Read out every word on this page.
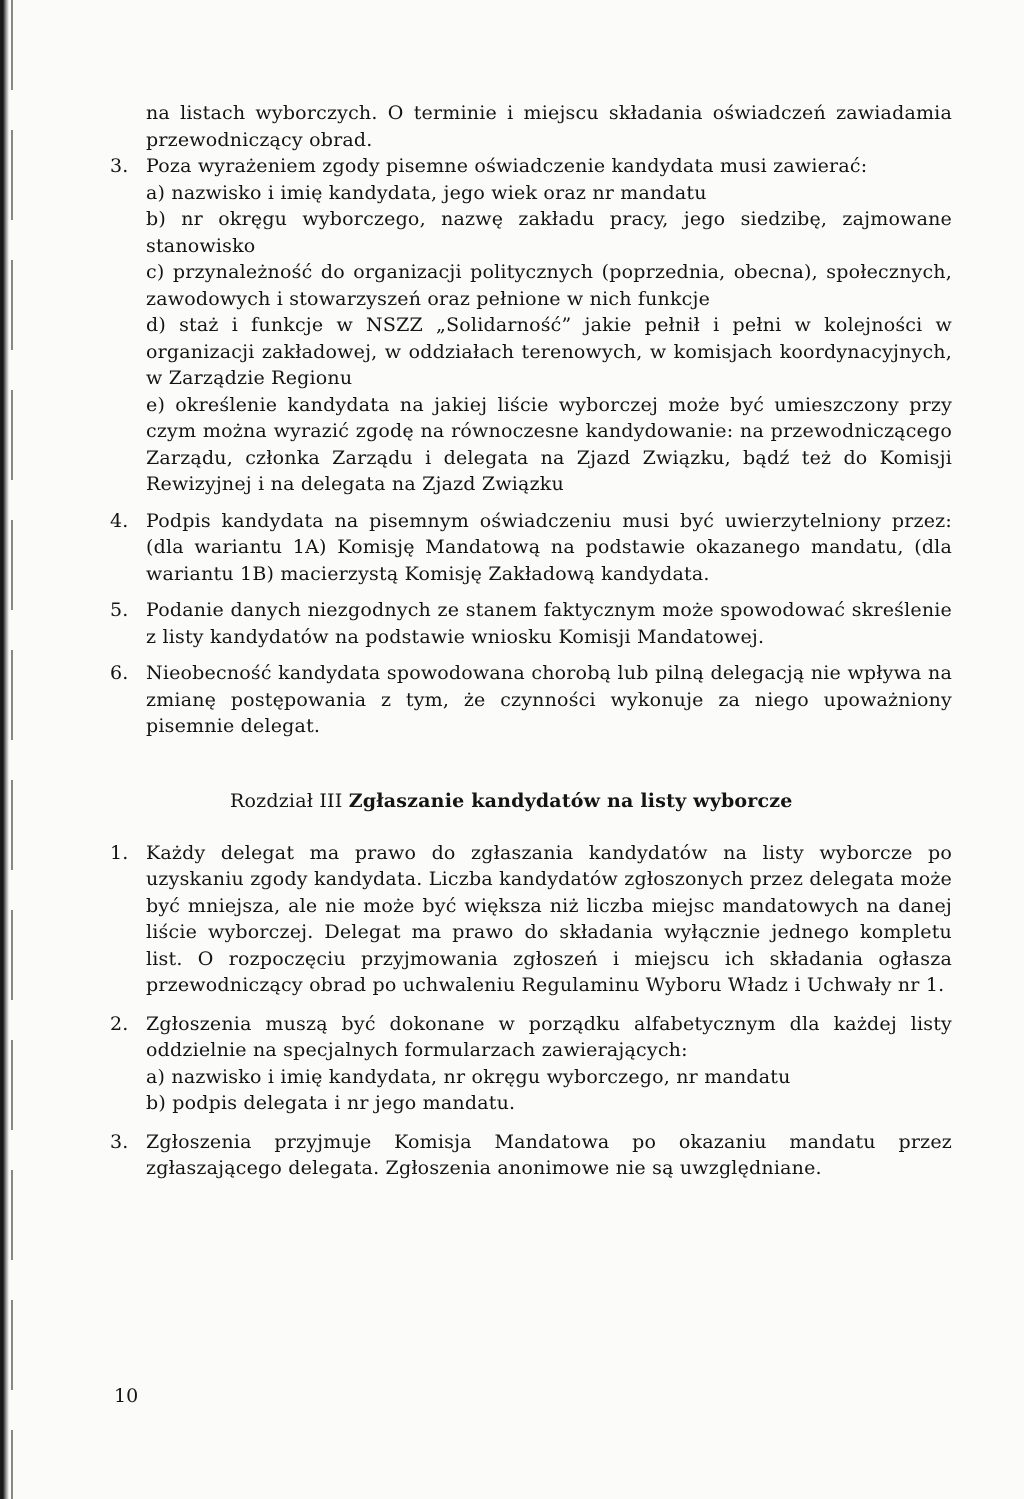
na listach wyborczych. O terminie i miejscu składania oświadczeń zawiadamia przewodniczący obrad.

3. Poza wyrażeniem zgody pisemne oświadczenie kandydata musi zawierać:

a) nazwisko i imię kandydata, jego wiek oraz nr mandatu

b) nr okręgu wyborczego, nazwę zakładu pracy, jego siedzibę, zajmowane stanowisko

c) przynależność do organizacji politycznych (poprzednia, obecna), społecznych, zawodowych i stowarzyszeń oraz pełnione w nich funkcje

d) staż i funkcje w NSZZ „Solidarność” jakie pełnił i pełni w kolejności w organizacji zakładowej, w oddziałach terenowych, w komisjach koordynacyjnych, w Zarządzie Regionu

e) określenie kandydata na jakiej liście wyborczej może być umieszczony przy czym można wyrazić zgodę na równoczesne kandydowanie: na przewodniczącego Zarządu, członka Zarządu i delegata na Zjazd Związku, bądź też do Komisji Rewizyjnej i na delegata na Zjazd Związku

4. Podpis kandydata na pisemnym oświadczeniu musi być uwierzytelniony przez: (dla wariantu 1A) Komisję Mandatową na podstawie okazanego mandatu, (dla wariantu 1B) macierzystą Komisję Zakładową kandydata.

5. Podanie danych niezgodnych ze stanem faktycznym może spowodować skreślenie z listy kandydatów na podstawie wniosku Komisji Mandatowej.

6. Nieobecność kandydata spowodowana chorobą lub pilną delegacją nie wpływa na zmianę postępowania z tym, że czynności wykonuje za niego upoważniony pisemnie delegat.

Rozdział III Zgłaszanie kandydatów na listy wyborcze

1. Każdy delegat ma prawo do zgłaszania kandydatów na listy wyborcze po uzyskaniu zgody kandydata. Liczba kandydatów zgłoszonych przez delegata może być mniejsza, ale nie może być większa niż liczba miejsc mandatowych na danej liście wyborczej. Delegat ma prawo do składania wyłącznie jednego kompletu list. O rozpoczęciu przyjmowania zgłoszeń i miejscu ich składania ogłasza przewodniczący obrad po uchwaleniu Regulaminu Wyboru Władz i Uchwały nr 1.

2. Zgłoszenia muszą być dokonane w porządku alfabetycznym dla każdej listy oddzielnie na specjalnych formularzach zawierających:

a) nazwisko i imię kandydata, nr okręgu wyborczego, nr mandatu

b) podpis delegata i nr jego mandatu.

3. Zgłoszenia przyjmuje Komisja Mandatowa po okazaniu mandatu przez zgłaszającego delegata. Zgłoszenia anonimowe nie są uwzględniane.

10
